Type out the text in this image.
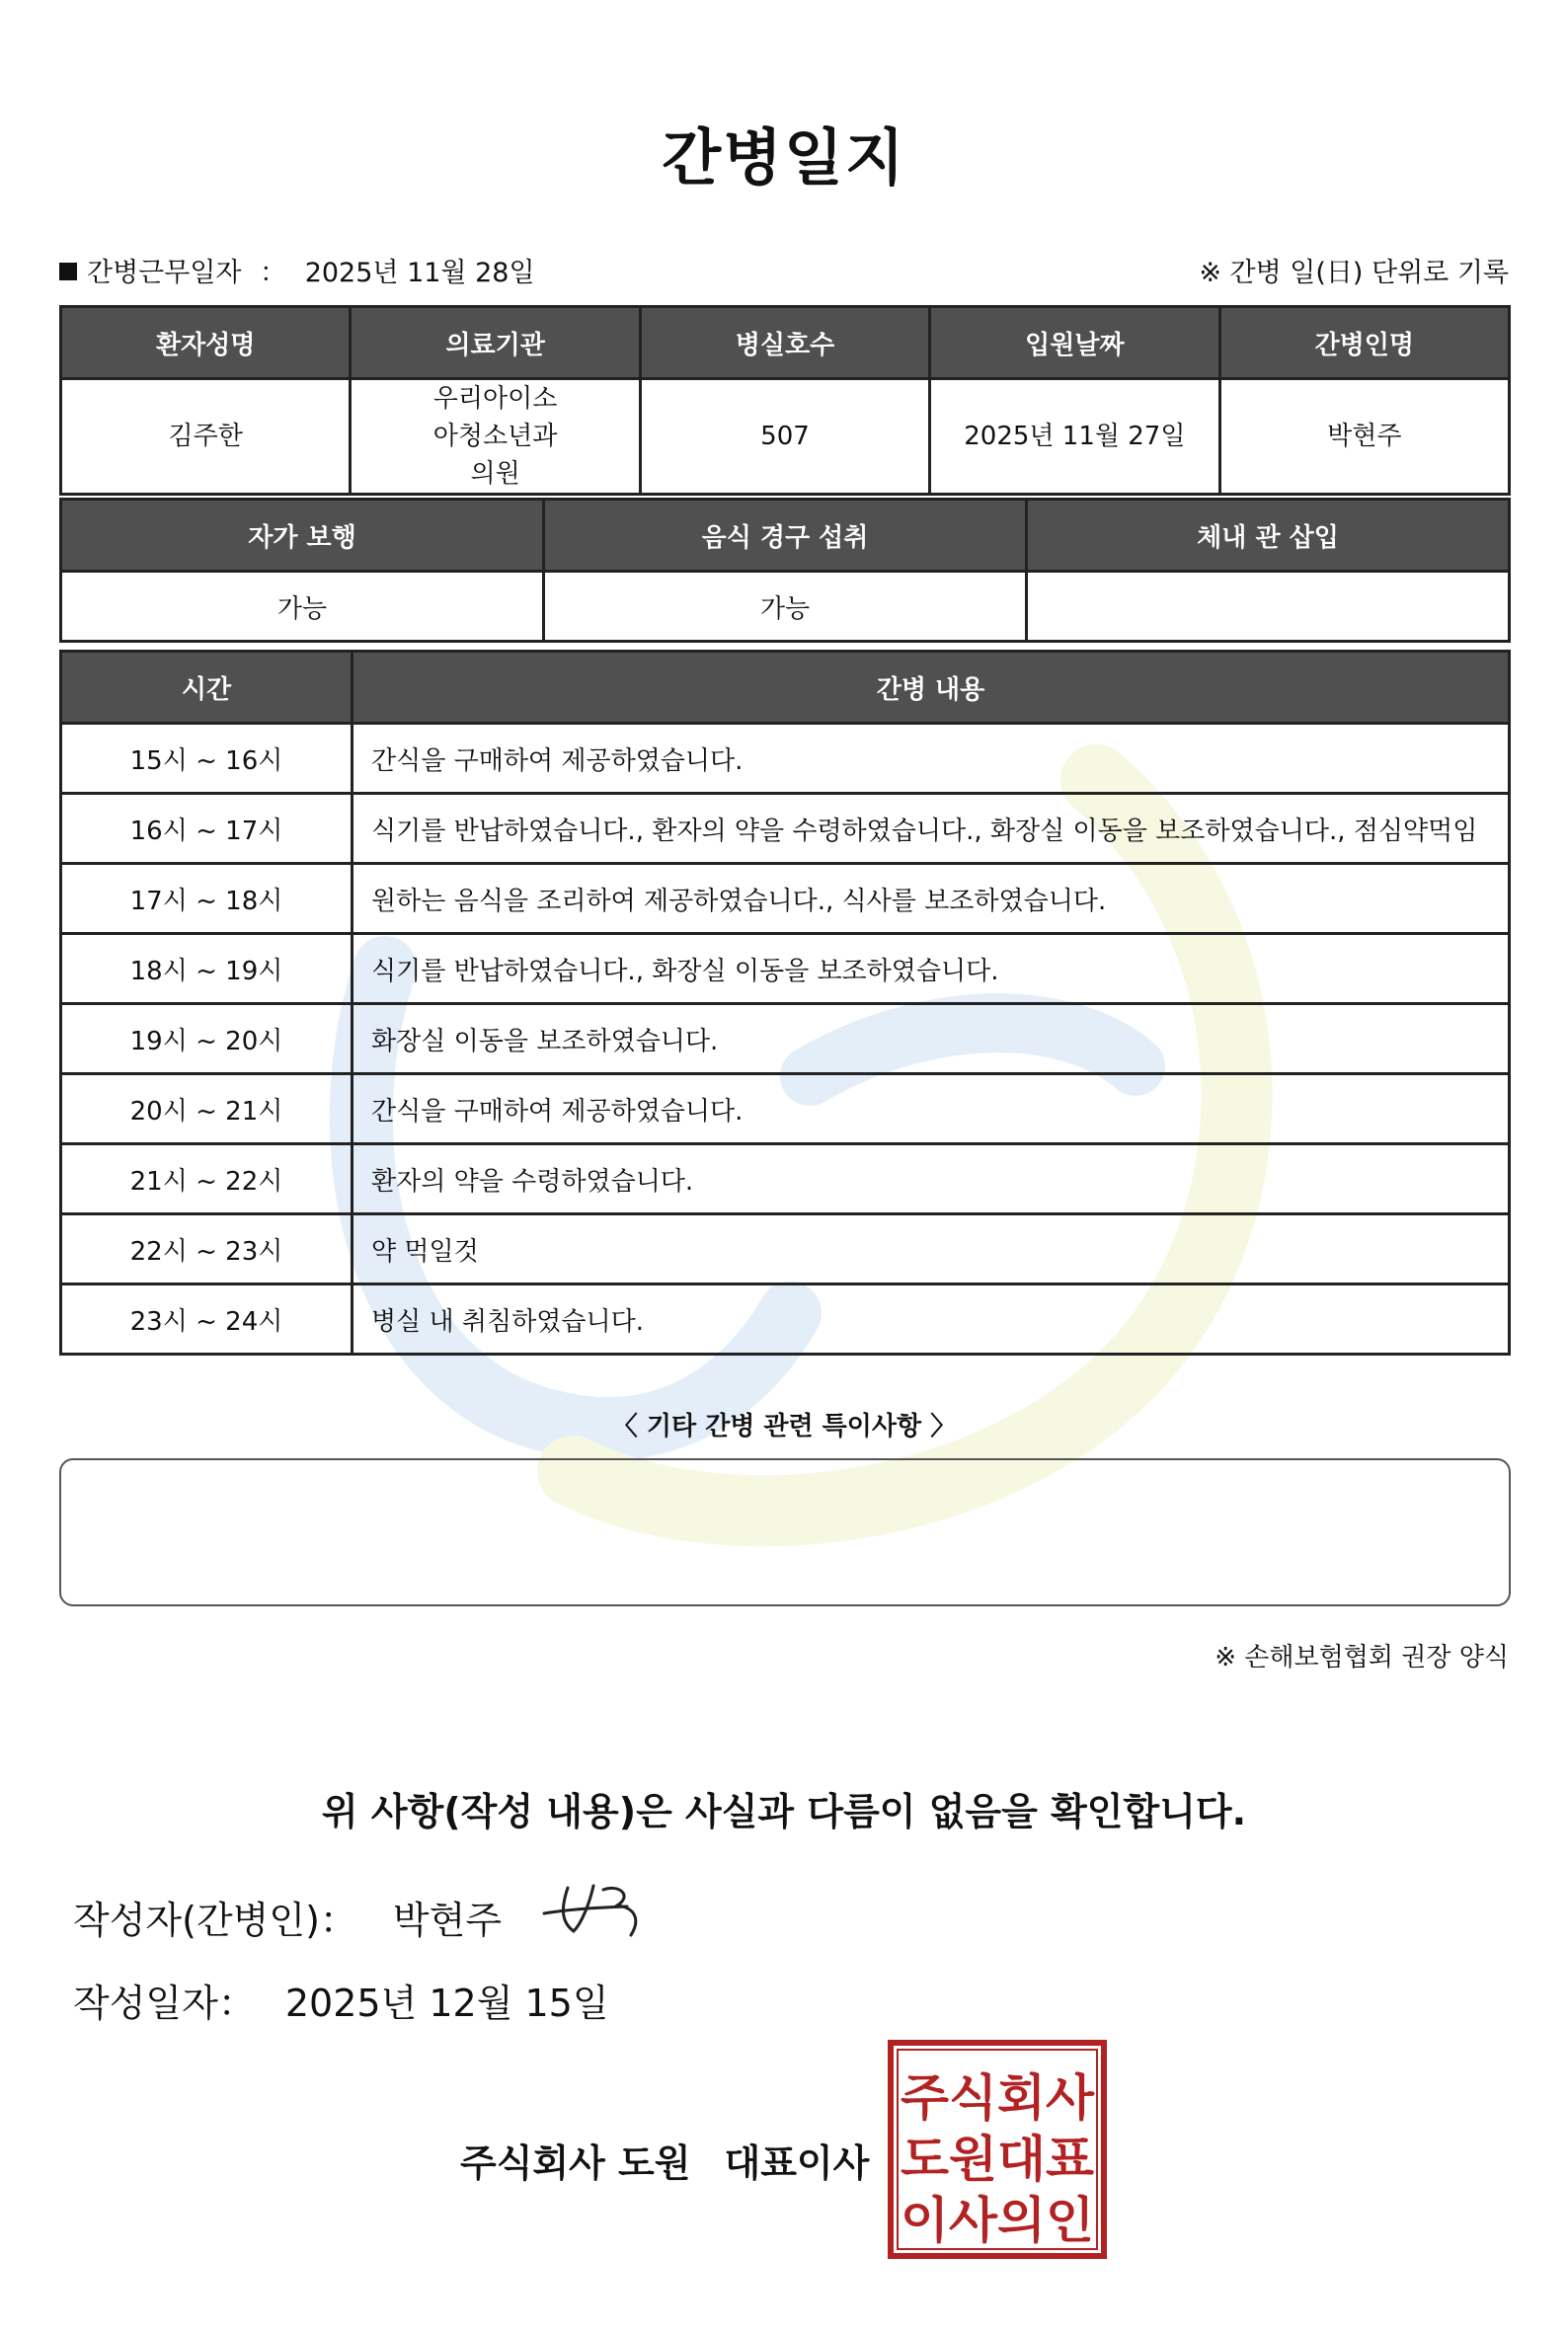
간병일지
간병근무일자 ： 2025년 11월 28일	※ 간병 일(日) 단위로 기록
환자성명	의료기관	병실호수	입원날짜	간병인명
김주한	우리아이소아청소년과의원	507	2025년 11월 27일	박현주
자가 보행	음식 경구 섭취	체내 관 삽입
가능	가능	
시간	간병 내용
15시 ~ 16시	간식을 구매하여 제공하였습니다.
16시 ~ 17시	식기를 반납하였습니다., 환자의 약을 수령하였습니다., 화장실 이동을 보조하였습니다., 점심약먹임
17시 ~ 18시	원하는 음식을 조리하여 제공하였습니다., 식사를 보조하였습니다.
18시 ~ 19시	식기를 반납하였습니다., 화장실 이동을 보조하였습니다.
19시 ~ 20시	화장실 이동을 보조하였습니다.
20시 ~ 21시	간식을 구매하여 제공하였습니다.
21시 ~ 22시	환자의 약을 수령하였습니다.
22시 ~ 23시	약 먹일것
23시 ~ 24시	병실 내 취침하였습니다.
〈 기타 간병 관련 특이사항 〉
※ 손해보험협회 권장 양식
위 사항(작성 내용)은 사실과 다름이 없음을 확인합니다.
작성자(간병인)： 박현주
작성일자： 2025년 12월 15일
주식회사 도원 대표이사
주식회사
도원대표
이사의인
